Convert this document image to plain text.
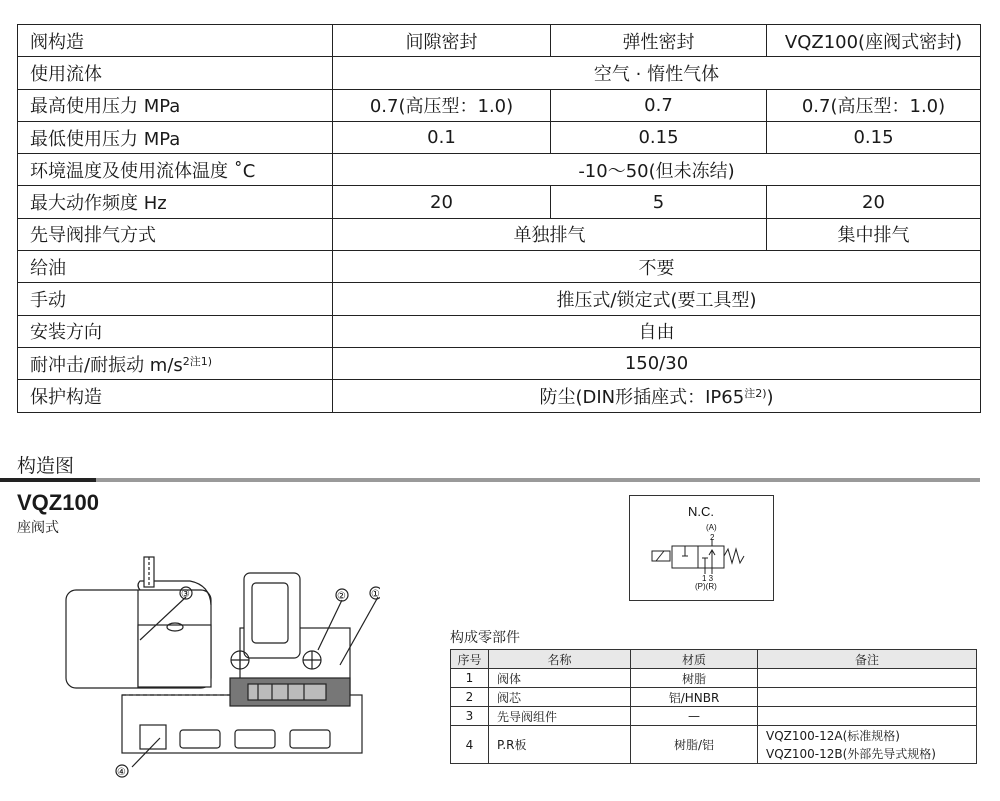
阀构造	间隙密封	弹性密封	VQZ100(座阀式密封)
使用流体	空气 · 惰性气体		
最高使用压力 MPa	0.7(高压型：1.0)	0.7	0.7(高压型：1.0)
最低使用压力 MPa	0.1	0.15	0.15
环境温度及使用流体温度 ˚C	-10～50(但未冻结)		
最大动作频度 Hz	20	5	20
先导阀排气方式	单独排气		集中排气
给油	不要		
手动	推压式/锁定式(要工具型)		
安装方向	自由		
耐冲击/耐振动 $m/s^{2注1)}$	150/30		
保护构造	防尘(DIN形插座式：IP65$^{注2)}$)		
构造图
VQZ100
座阀式
③	②	①
④
N.C.
(A)
2
1 3
(P)(R)
构成零部件
序号	名称	材质	备注
1	阀体	树脂	
2	阀芯	铝/HNBR	
3	先导阀组件	—	
4	P.R板	树脂/铝	VQZ100-12A(标准规格)
VQZ100-12B(外部先导式规格)
